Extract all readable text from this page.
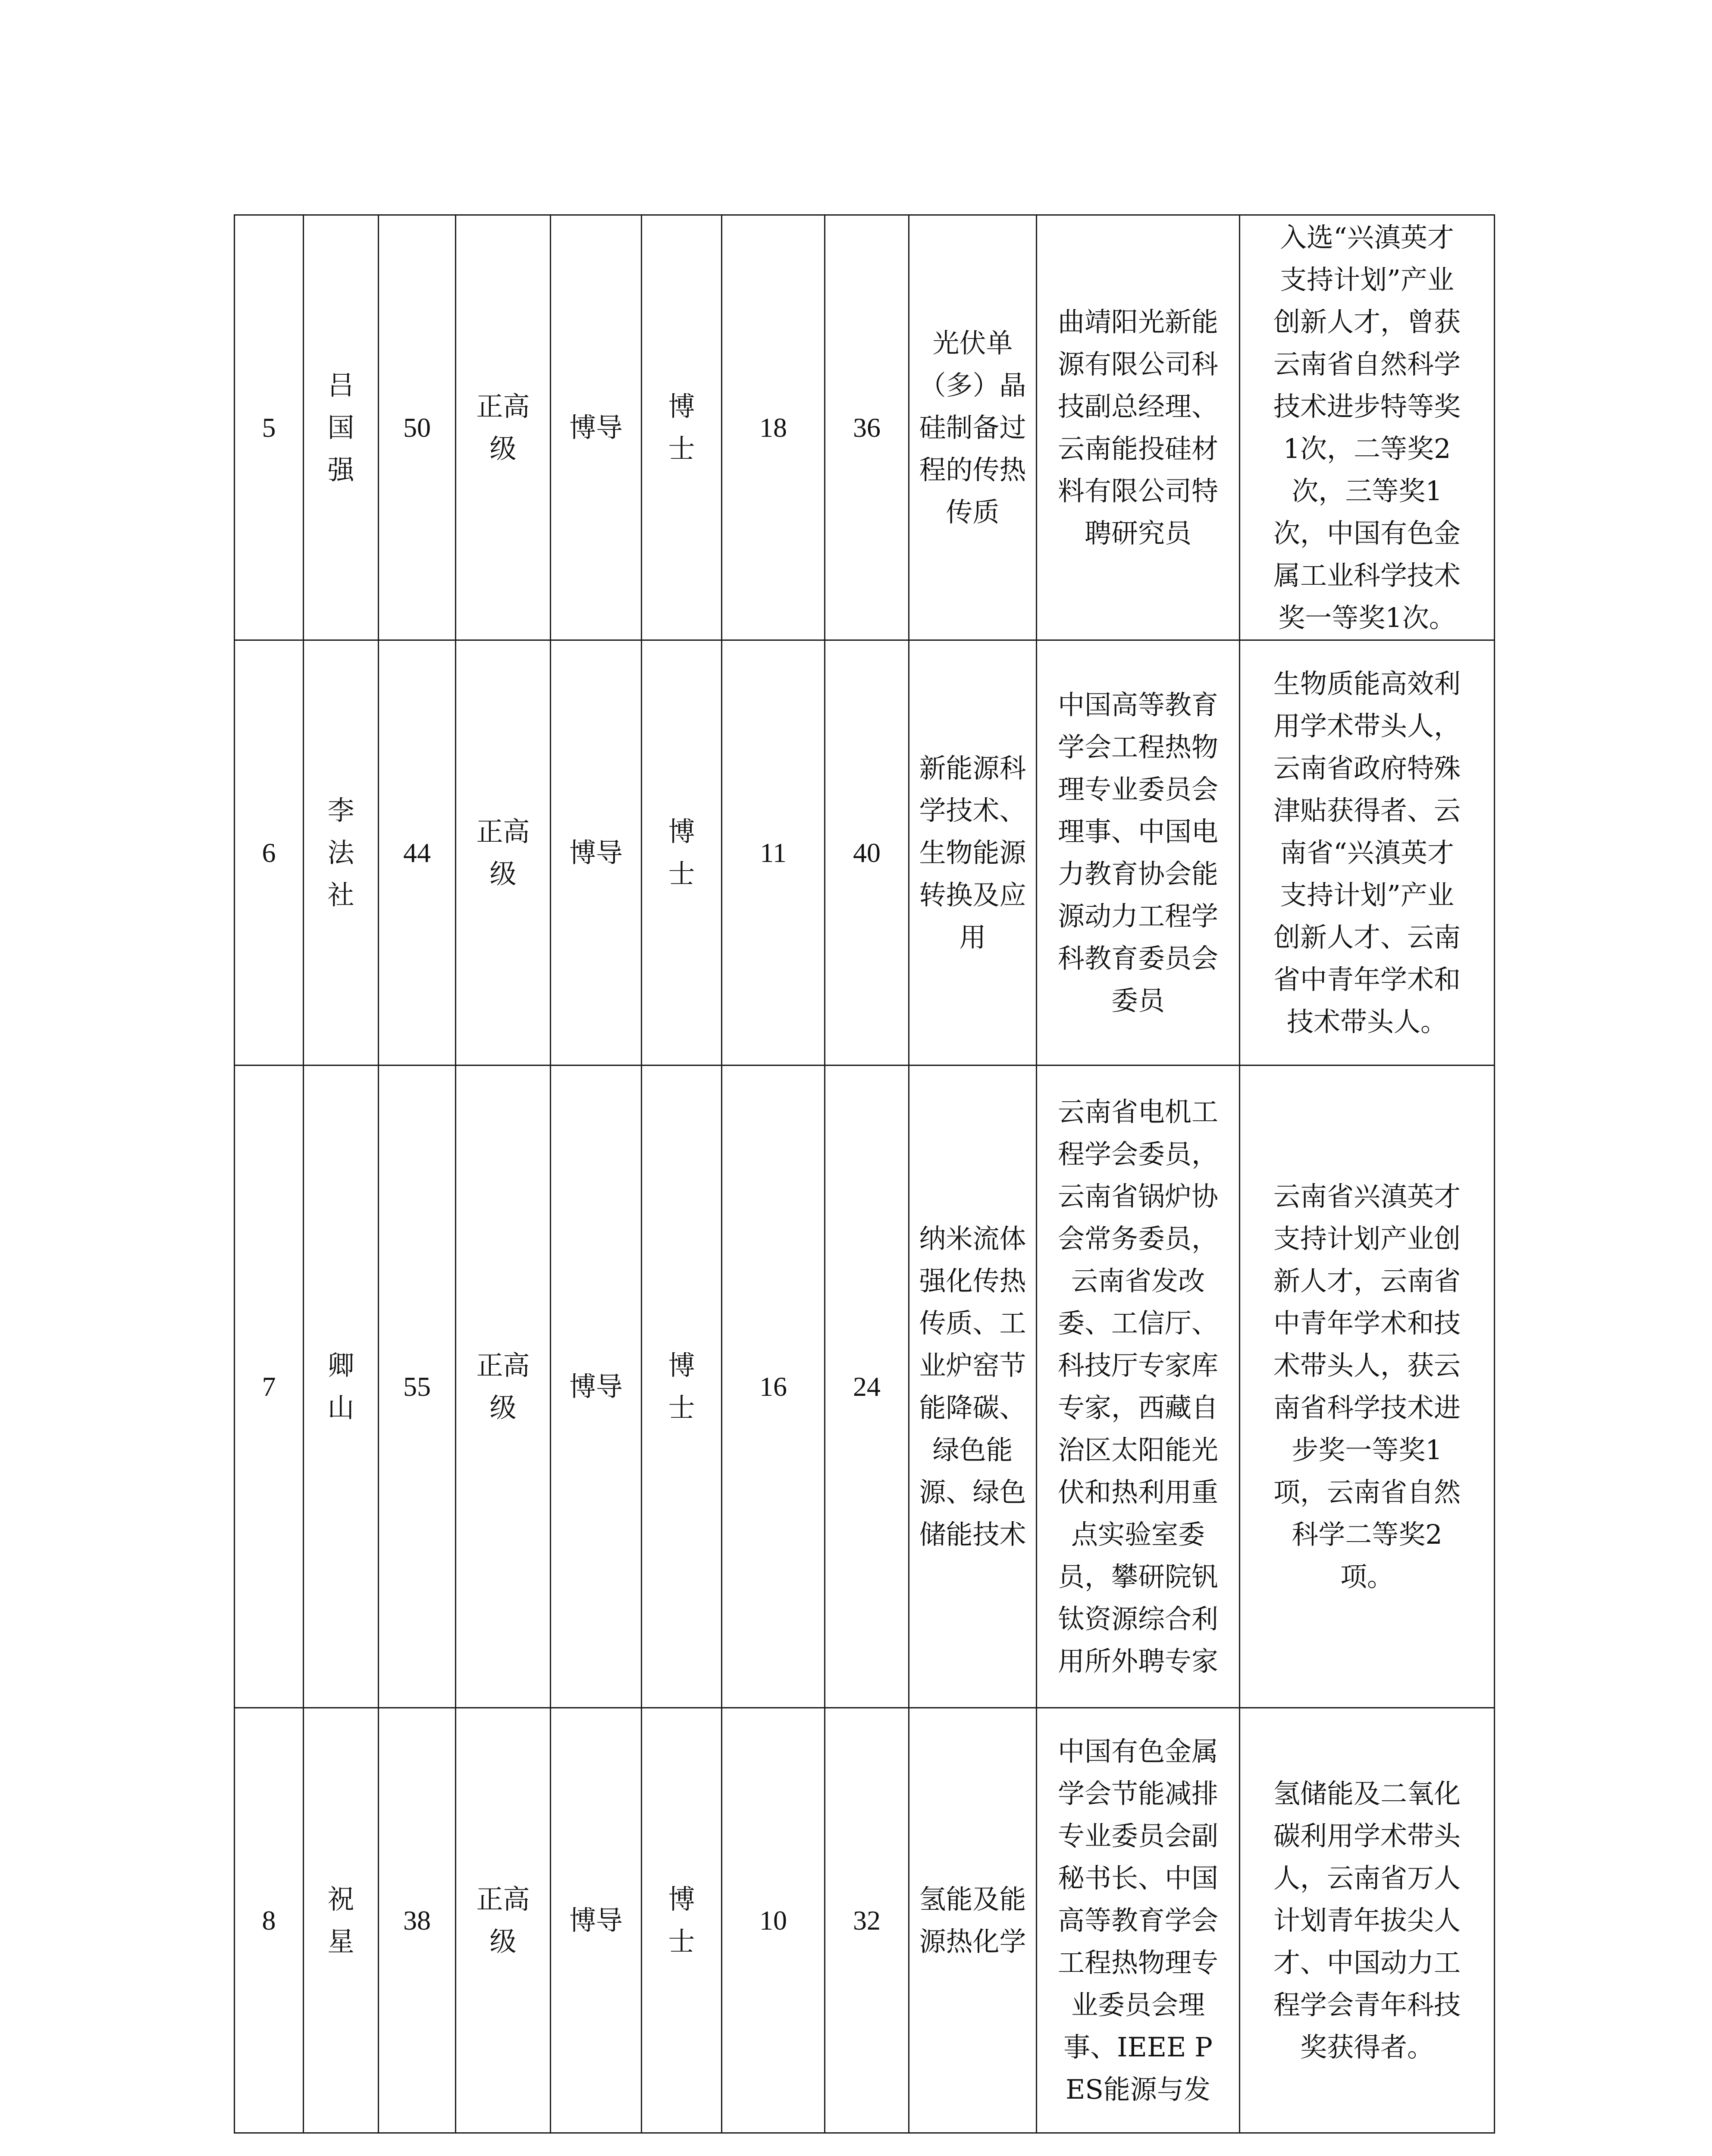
5	吕国强	50	正高级	博导	博士	18	36	光伏单（多）晶硅制备过程的传热传质	曲靖阳光新能源有限公司科技副总经理、云南能投硅材料有限公司特聘研究员	入选“兴滇英才支持计划”产业创新人才，曾获云南省自然科学技术进步特等奖1次，二等奖2次，三等奖1次，中国有色金属工业科学技术奖一等奖1次。
6	李法社	44	正高级	博导	博士	11	40	新能源科学技术、生物能源转换及应用	中国高等教育学会工程热物理专业委员会理事、中国电力教育协会能源动力工程学科教育委员会委员	生物质能高效利用学术带头人，云南省政府特殊津贴获得者、云南省“兴滇英才支持计划”产业创新人才、云南省中青年学术和技术带头人。
7	卿山	55	正高级	博导	博士	16	24	纳米流体强化传热传质、工业炉窑节能降碳、绿色能源、绿色储能技术	云南省电机工程学会委员，云南省锅炉协会常务委员，云南省发改委、工信厅、科技厅专家库专家，西藏自治区太阳能光伏和热利用重点实验室委员，攀研院钒钛资源综合利用所外聘专家	云南省兴滇英才支持计划产业创新人才，云南省中青年学术和技术带头人，获云南省科学技术进步奖一等奖1项，云南省自然科学二等奖2项。
8	祝星	38	正高级	博导	博士	10	32	氢能及能源热化学	中国有色金属学会节能减排专业委员会副秘书长、中国高等教育学会工程热物理专业委员会理事、IEEE PES能源与发	氢储能及二氧化碳利用学术带头人，云南省万人计划青年拔尖人才、中国动力工程学会青年科技奖获得者。
